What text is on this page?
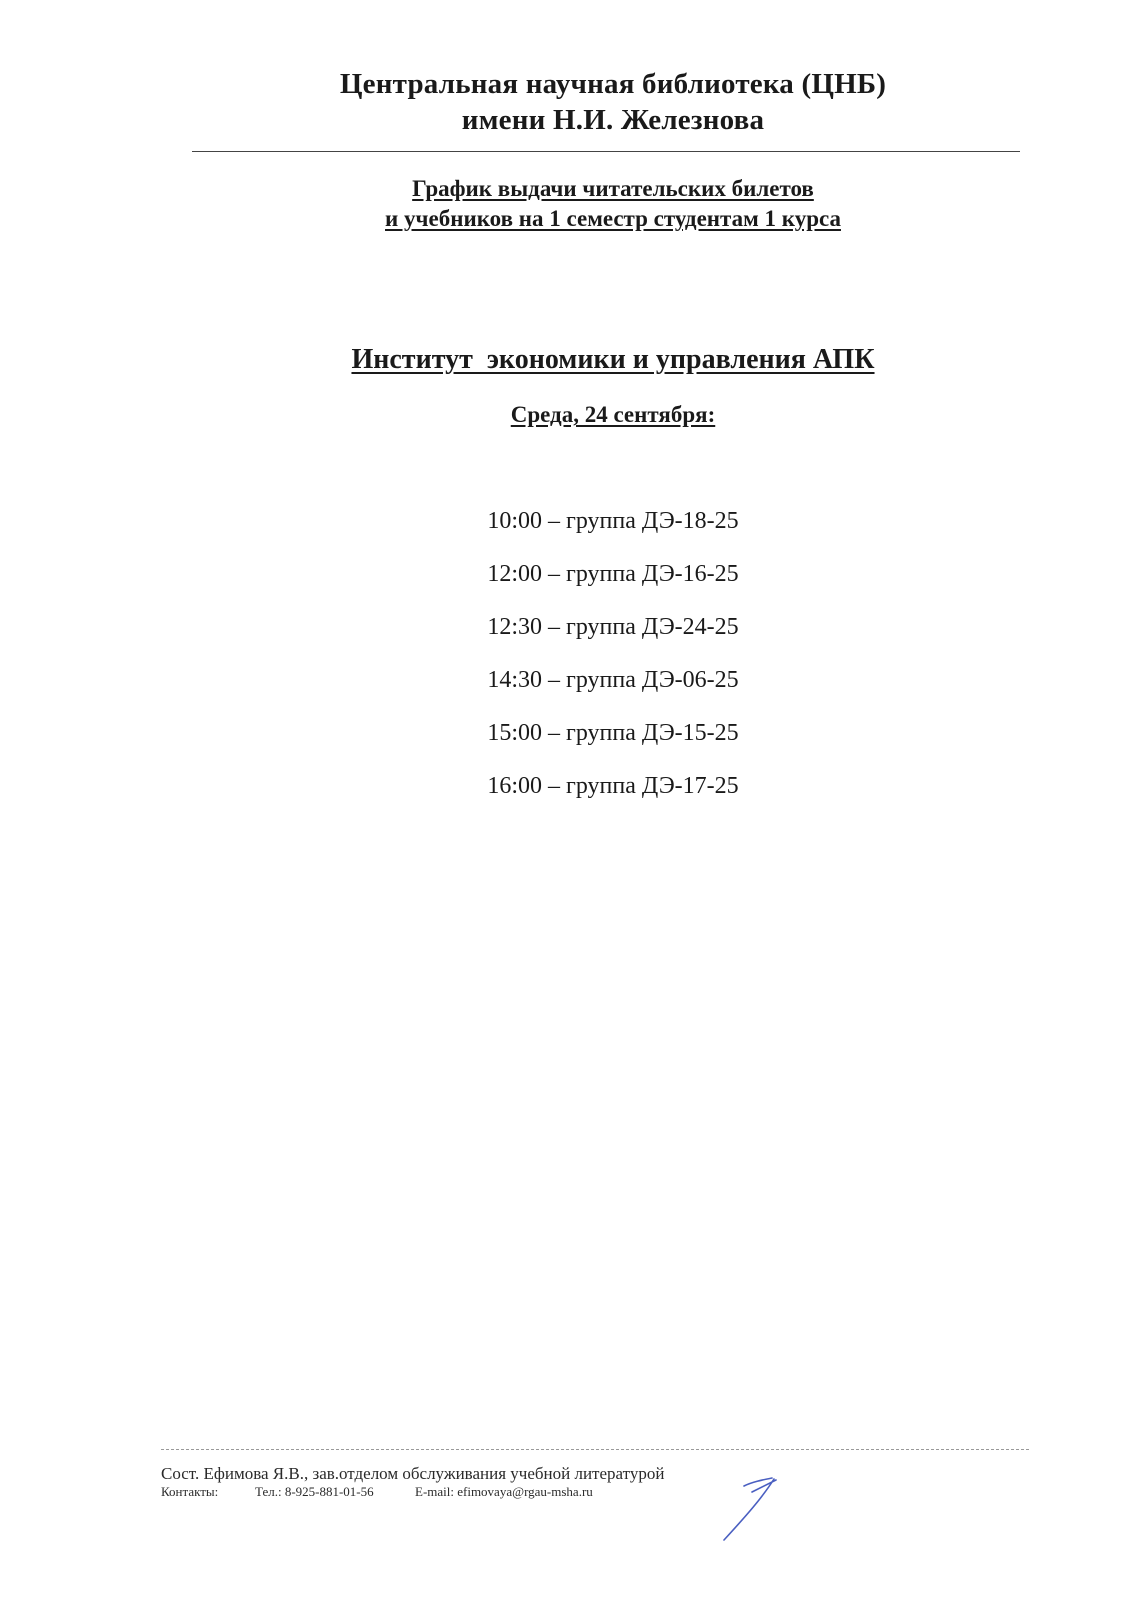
Центральная научная библиотека (ЦНБ)
имени Н.И. Железнова
График выдачи читательских билетов
и учебников на 1 семестр студентам 1 курса
Институт  экономики и управления АПК
Среда, 24 сентября:
10:00 – группа ДЭ-18-25
12:00 – группа ДЭ-16-25
12:30 – группа ДЭ-24-25
14:30 – группа ДЭ-06-25
15:00 – группа ДЭ-15-25
16:00 – группа ДЭ-17-25
Сост. Ефимова Я.В., зав.отделом обслуживания учебной литературой
Контакты:	Тел.: 8-925-881-01-56	E-mail: efimovaya@rgau-msha.ru
